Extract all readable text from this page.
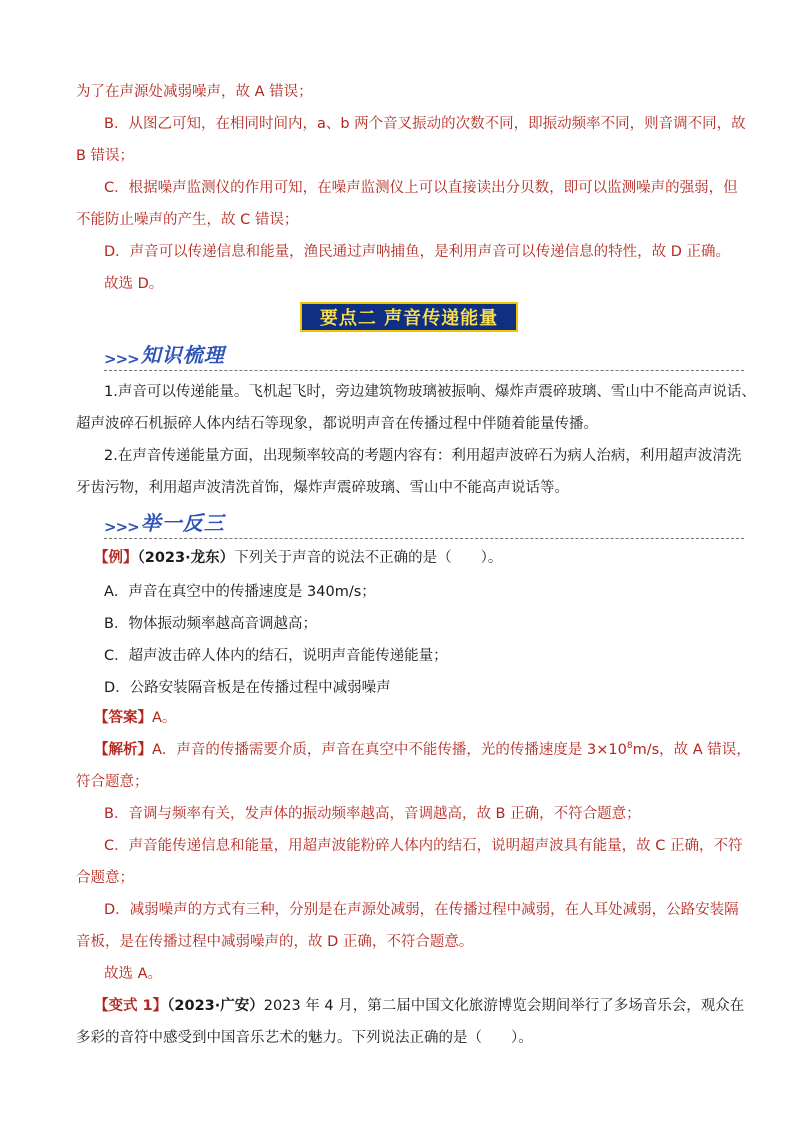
为了在声源处减弱噪声，故 A 错误；
B．从图乙可知，在相同时间内，a、b 两个音叉振动的次数不同，即振动频率不同，则音调不同，故
B 错误；
C．根据噪声监测仪的作用可知，在噪声监测仪上可以直接读出分贝数，即可以监测噪声的强弱，但
不能防止噪声的产生，故 C 错误；
D．声音可以传递信息和能量，渔民通过声呐捕鱼，是利用声音可以传递信息的特性，故 D 正确。
故选 D。
要点二 声音传递能量
>>> 知识梳理
1.声音可以传递能量。飞机起飞时，旁边建筑物玻璃被振响、爆炸声震碎玻璃、雪山中不能高声说话、
超声波碎石机振碎人体内结石等现象，都说明声音在传播过程中伴随着能量传播。
2.在声音传递能量方面，出现频率较高的考题内容有：利用超声波碎石为病人治病，利用超声波清洗
牙齿污物，利用超声波清洗首饰，爆炸声震碎玻璃、雪山中不能高声说话等。
>>> 举一反三
【例】（2023·龙东）下列关于声音的说法不正确的是（　　）。
A．声音在真空中的传播速度是 340m/s；
B．物体振动频率越高音调越高；
C．超声波击碎人体内的结石，说明声音能传递能量；
D．公路安装隔音板是在传播过程中减弱噪声
【答案】A。
【解析】A．声音的传播需要介质，声音在真空中不能传播，光的传播速度是 $3\times 10^8m/s$，故 A 错误，
符合题意；
B．音调与频率有关，发声体的振动频率越高，音调越高，故 B 正确，不符合题意；
C．声音能传递信息和能量，用超声波能粉碎人体内的结石，说明超声波具有能量，故 C 正确，不符
合题意；
D．减弱噪声的方式有三种，分别是在声源处减弱，在传播过程中减弱，在人耳处减弱，公路安装隔
音板，是在传播过程中减弱噪声的，故 D 正确，不符合题意。
故选 A。
【变式 1】（2023·广安）2023 年 4 月，第二届中国文化旅游博览会期间举行了多场音乐会，观众在
多彩的音符中感受到中国音乐艺术的魅力。下列说法正确的是（　　）。
